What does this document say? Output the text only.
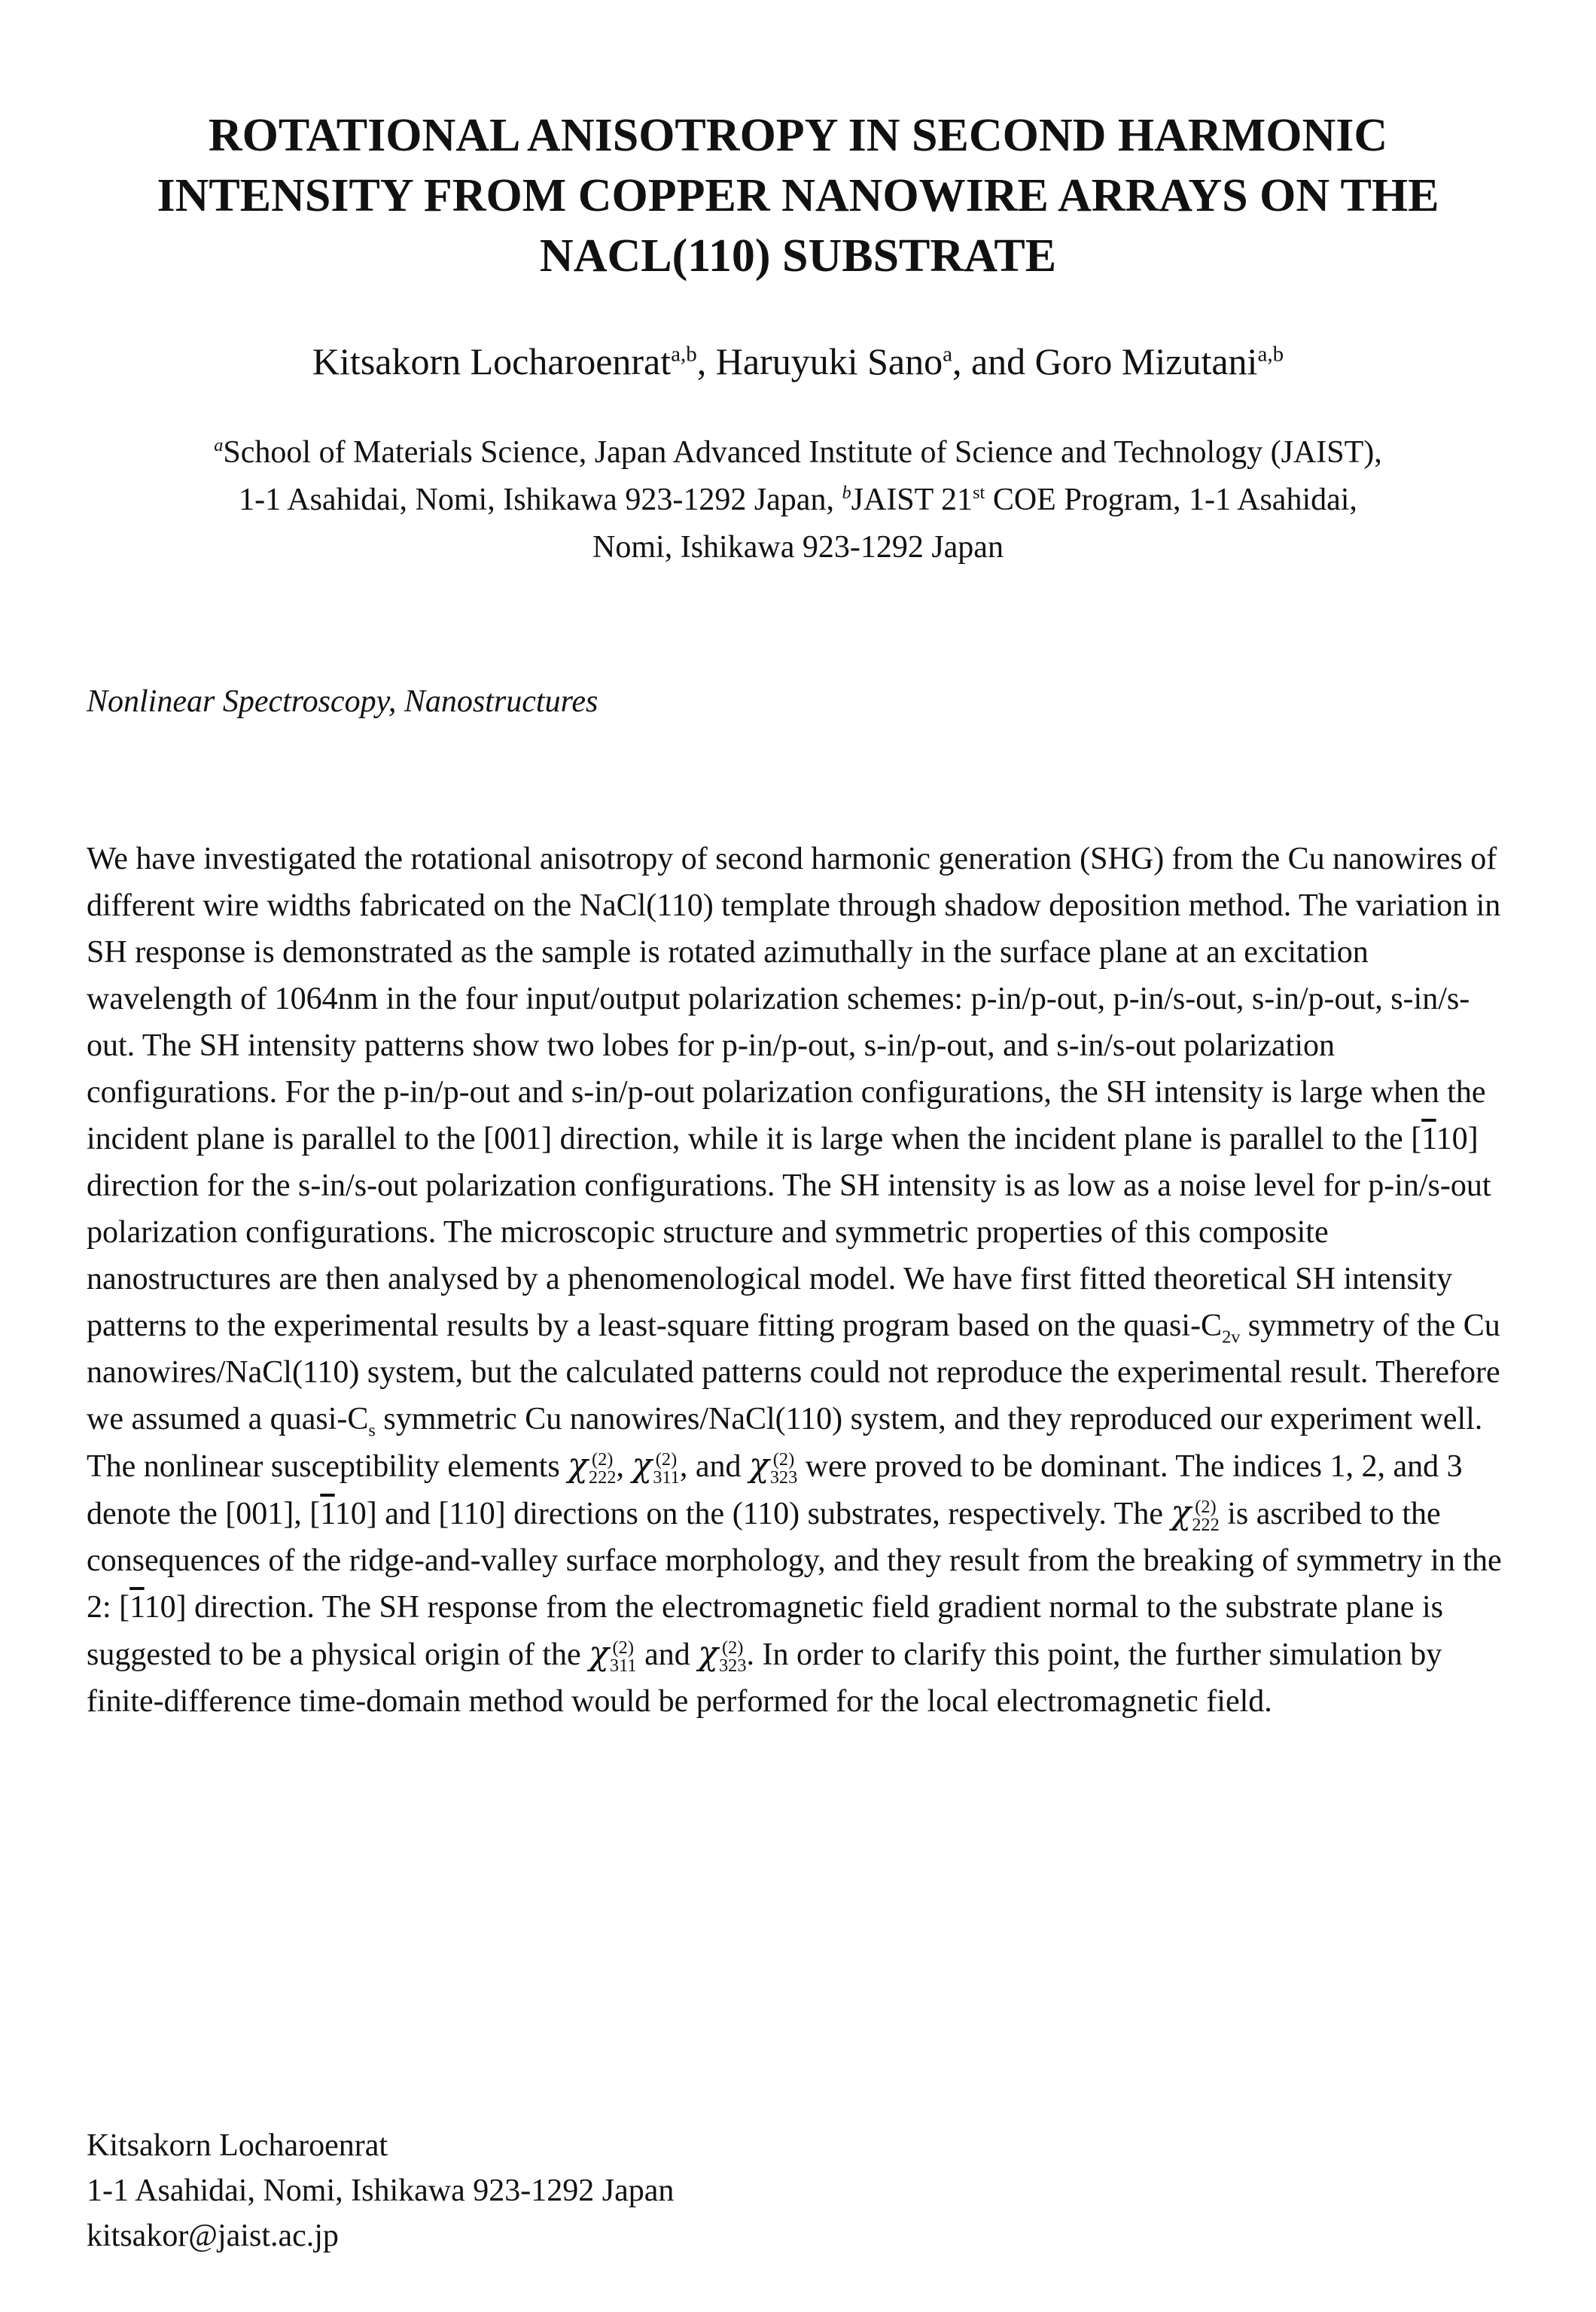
ROTATIONAL ANISOTROPY IN SECOND HARMONIC
INTENSITY FROM COPPER NANOWIRE ARRAYS ON THE
NACL(110) SUBSTRATE
Kitsakorn Locharoenrat$^{a,b}$, Haruyuki Sano$^a$, and Goro Mizutani$^{a,b}$
$^a$School of Materials Science, Japan Advanced Institute of Science and Technology (JAIST),
1-1 Asahidai, Nomi, Ishikawa 923-1292 Japan, $^b$JAIST 21st COE Program, 1-1 Asahidai,
Nomi, Ishikawa 923-1292 Japan
Nonlinear Spectroscopy, Nanostructures

We have investigated the rotational anisotropy of second harmonic generation (SHG) from the Cu nanowires of different wire widths fabricated on the NaCl(110) template through shadow deposition method. The variation in SH response is demonstrated as the sample is rotated azimuthally in the surface plane at an excitation wavelength of 1064nm in the four input/output polarization schemes: p-in/p-out, p-in/s-out, s-in/p-out, s-in/s-out. The SH intensity patterns show two lobes for p-in/p-out, s-in/p-out, and s-in/s-out polarization configurations. For the p-in/p-out and s-in/p-out polarization configurations, the SH intensity is large when the incident plane is parallel to the [001] direction, while it is large when the incident plane is parallel to the [110] direction for the s-in/s-out polarization configurations. The SH intensity is as low as a noise level for p-in/s-out polarization configurations. The microscopic structure and symmetric properties of this composite nanostructures are then analysed by a phenomenological model. We have first fitted theoretical SH intensity patterns to the experimental results by a least-square fitting program based on the quasi-$C_{2v}$ symmetry of the Cu nanowires/NaCl(110) system, but the calculated patterns could not reproduce the experimental result. Therefore we assumed a quasi-$C_s$ symmetric Cu nanowires/NaCl(110) system, and they reproduced our experiment well. The nonlinear susceptibility elements χ (2)
222 , χ (2)
311 , and χ (2)
323 were proved to be dominant. The indices 1, 2, and 3 denote the [001], [110] and [110] directions on the (110) substrates, respectively. The χ (2)
222 is ascribed to the consequences of the ridge-and-valley surface morphology, and they result from the breaking of symmetry in the 2: [110] direction. The SH response from the electromagnetic field gradient normal to the substrate plane is suggested to be a physical origin of the χ (2)
311 and χ (2)
323 . In order to clarify this point, the further simulation by finite-difference time-domain method would be performed for the local electromagnetic field.

Kitsakorn Locharoenrat
1-1 Asahidai, Nomi, Ishikawa 923-1292 Japan
kitsakor@jaist.ac.jp
